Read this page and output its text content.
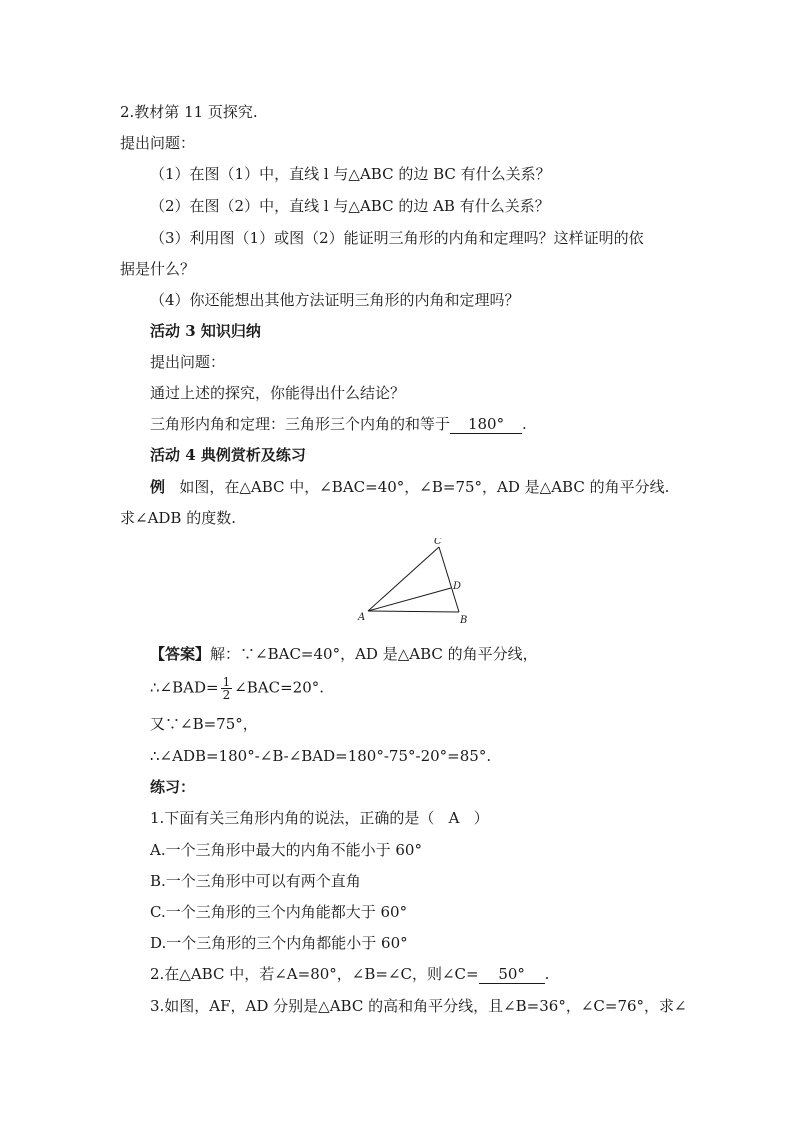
2.教材第 11 页探究.
提出问题：
（1）在图（1）中，直线 l 与△ABC 的边 BC 有什么关系？
（2）在图（2）中，直线 l 与△ABC 的边 AB 有什么关系？
（3）利用图（1）或图（2）能证明三角形的内角和定理吗？这样证明的依
据是什么？
（4）你还能想出其他方法证明三角形的内角和定理吗？
活动 3 知识归纳
提出问题：
通过上述的探究，你能得出什么结论？
三角形内角和定理：三角形三个内角的和等于 180° .
活动 4 典例赏析及练习
例 如图，在△ABC 中，∠BAC=40°，∠B=75°，AD 是△ABC 的角平分线.
求∠ADB 的度数.
A	B
C
D
【答案】解：∵∠BAC=40°，AD 是△ABC 的角平分线，
∴∠BAD= $\frac{1}{2}$ ∠BAC=20°.
又∵∠B=75°，
∴∠ADB=180°-∠B-∠BAD=180°-75°-20°=85°.
练习：
1.下面有关三角形内角的说法，正确的是（ A ）
A.一个三角形中最大的内角不能小于 60°
B.一个三角形中可以有两个直角
C.一个三角形的三个内角能都大于 60°
D.一个三角形的三个内角都能小于 60°
2.在△ABC 中，若∠A=80°，∠B=∠C，则∠C= 50° .
3.如图，AF，AD 分别是△ABC 的高和角平分线，且∠B=36°，∠C=76°，求∠
